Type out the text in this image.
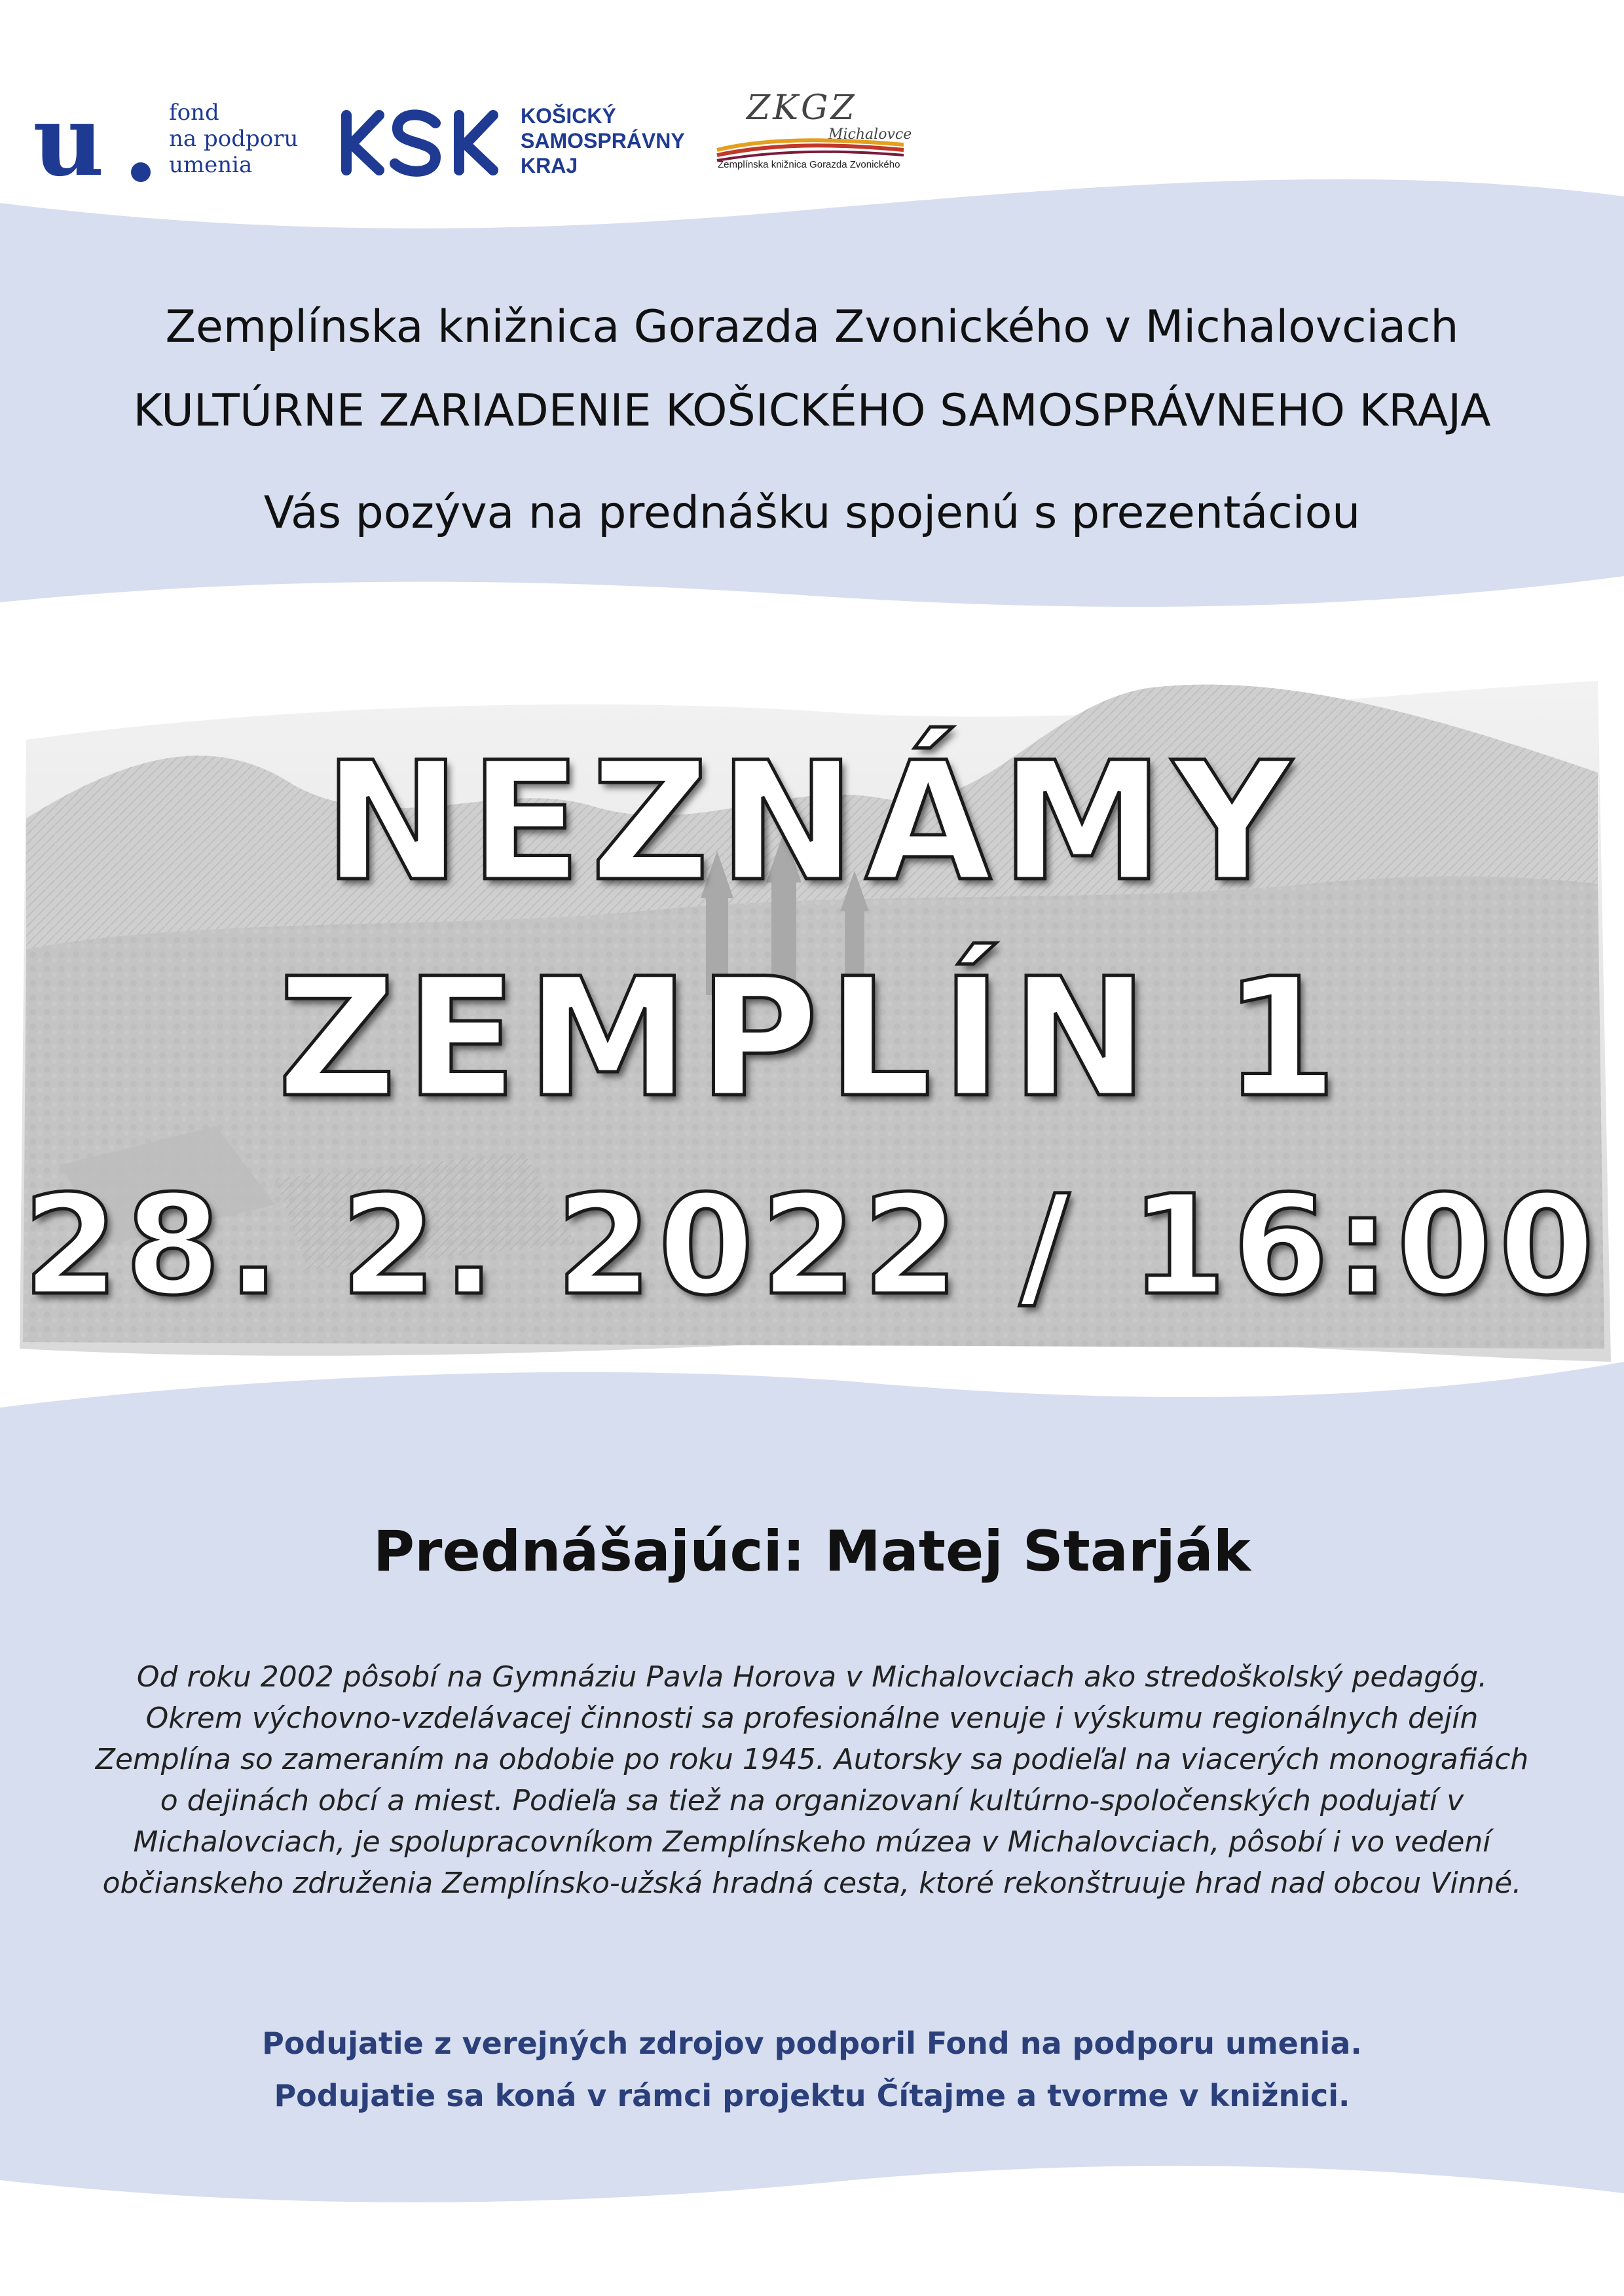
u	fond
na podporu
umenia
KOŠICKÝ
SAMOSPRÁVNY
KRAJ
ZKGZ
Michalovce
Zemplínska knižnica Gorazda Zvonického
Zemplínska knižnica Gorazda Zvonického v Michalovciach
KULTÚRNE ZARIADENIE KOŠICKÉHO SAMOSPRÁVNEHO KRAJA
Vás pozýva na prednášku spojenú s prezentáciou
NEZNÁMY
ZEMPLÍN 1
28. 2. 2022 / 16:00
Prednášajúci: Matej Starják
Od roku 2002 pôsobí na Gymnáziu Pavla Horova v Michalovciach ako stredoškolský pedagóg. Okrem výchovno-vzdelávacej činnosti sa profesionálne venuje i výskumu regionálnych dejín Zemplína so zameraním na obdobie po roku 1945. Autorsky sa podieľal na viacerých monografiách o dejinách obcí a miest. Podieľa sa tiež na organizovaní kultúrno-spoločenských podujatí v Michalovciach, je spolupracovníkom Zemplínskeho múzea v Michalovciach, pôsobí i vo vedení občianskeho združenia Zemplínsko-užská hradná cesta, ktoré rekonštruuje hrad nad obcou Vinné.
Podujatie z verejných zdrojov podporil Fond na podporu umenia.
Podujatie sa koná v rámci projektu Čítajme a tvorme v knižnici.
